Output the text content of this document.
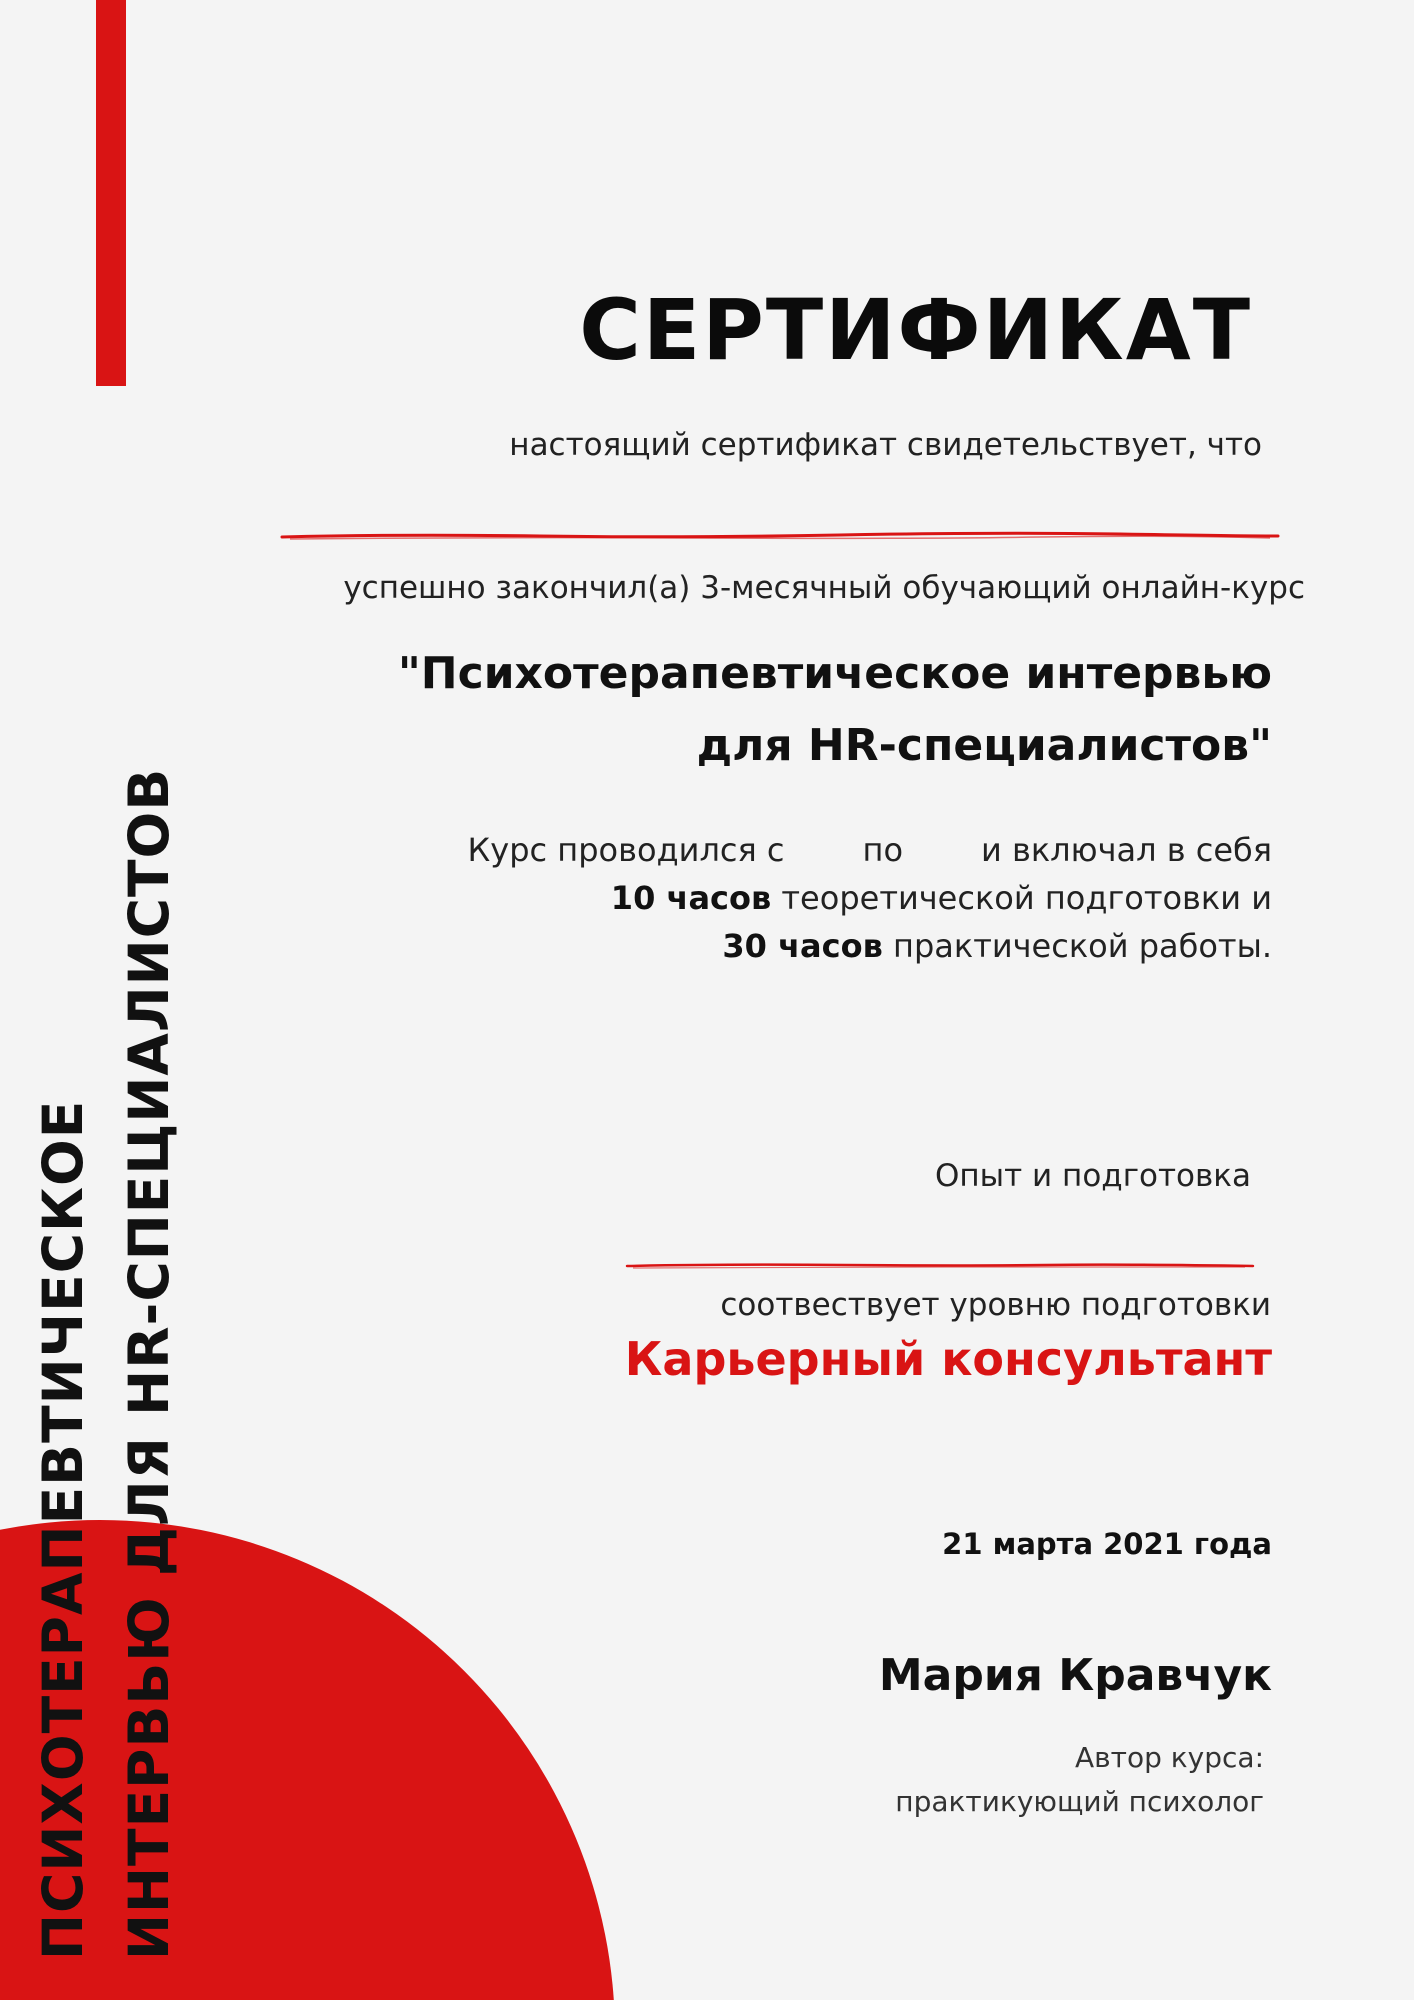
ПСИХОТЕРАПЕВТИЧЕСКОЕ ИНТЕРВЬЮ ДЛЯ HR-СПЕЦИАЛИСТОВ
СЕРТИФИКАТ
настоящий сертификат свидетельствует, что
успешно закончил(а) 3-месячный обучающий онлайн-курс
"Психотерапевтическое интервью
для HR-специалистов"
Курс проводился с по и включал в себя
10 часов теоретической подготовки и
30 часов практической работы.
Опыт и подготовка
соотвествует уровню подготовки
Карьерный консультант
21 марта 2021 года
Мария Кравчук
Автор курса:
практикующий психолог
